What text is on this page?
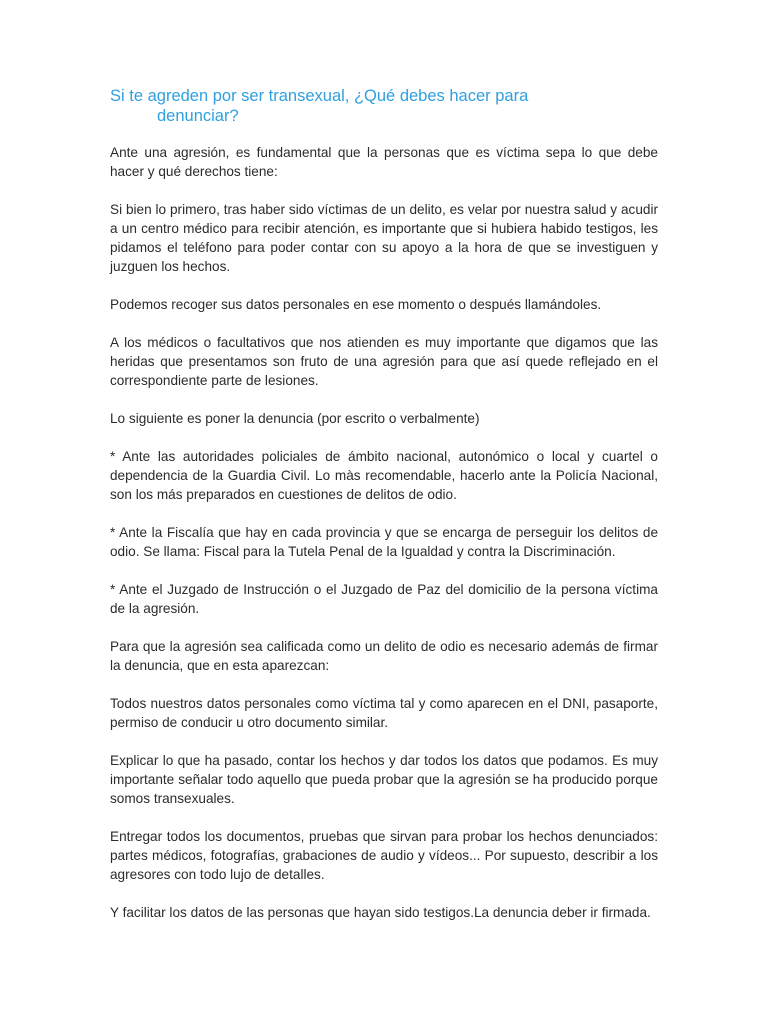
Si te agreden por ser transexual, ¿Qué debes hacer para
denunciar?

Ante una agresión, es fundamental que la personas que es víctima sepa lo que debe hacer y qué derechos tiene:

Si bien lo primero, tras haber sido víctimas de un delito, es velar por nuestra salud y acudir a un centro médico para recibir atención, es importante que si hubiera habido testigos, les pidamos el teléfono para poder contar con su apoyo a la hora de que se investiguen y juzguen los hechos.

Podemos recoger sus datos personales en ese momento o después llamándoles.

A los médicos o facultativos que nos atienden es muy importante que digamos que las heridas que presentamos son fruto de una agresión para que así quede reflejado en el correspondiente parte de lesiones.

Lo siguiente es poner la denuncia (por escrito o verbalmente)

* Ante las autoridades policiales de ámbito nacional, autonómico o local y cuartel o dependencia de la Guardia Civil. Lo màs recomendable, hacerlo ante la Policía Nacional, son los más preparados en cuestiones de delitos de odio.

* Ante la Fiscalía que hay en cada provincia y que se encarga de perseguir los delitos de odio. Se llama: Fiscal para la Tutela Penal de la Igualdad y contra la Discriminación.

* Ante el Juzgado de Instrucción o el Juzgado de Paz del domicilio de la persona víctima de la agresión.

Para que la agresión sea calificada como un delito de odio es necesario además de firmar la denuncia, que en esta aparezcan:

Todos nuestros datos personales como víctima tal y como aparecen en el DNI, pasaporte, permiso de conducir u otro documento similar.

Explicar lo que ha pasado, contar los hechos y dar todos los datos que podamos. Es muy importante señalar todo aquello que pueda probar que la agresión se ha producido porque somos transexuales.

Entregar todos los documentos, pruebas que sirvan para probar los hechos denunciados: partes médicos, fotografías, grabaciones de audio y vídeos... Por supuesto, describir a los agresores con todo lujo de detalles.

Y facilitar los datos de las personas que hayan sido testigos.La denuncia deber ir firmada.
